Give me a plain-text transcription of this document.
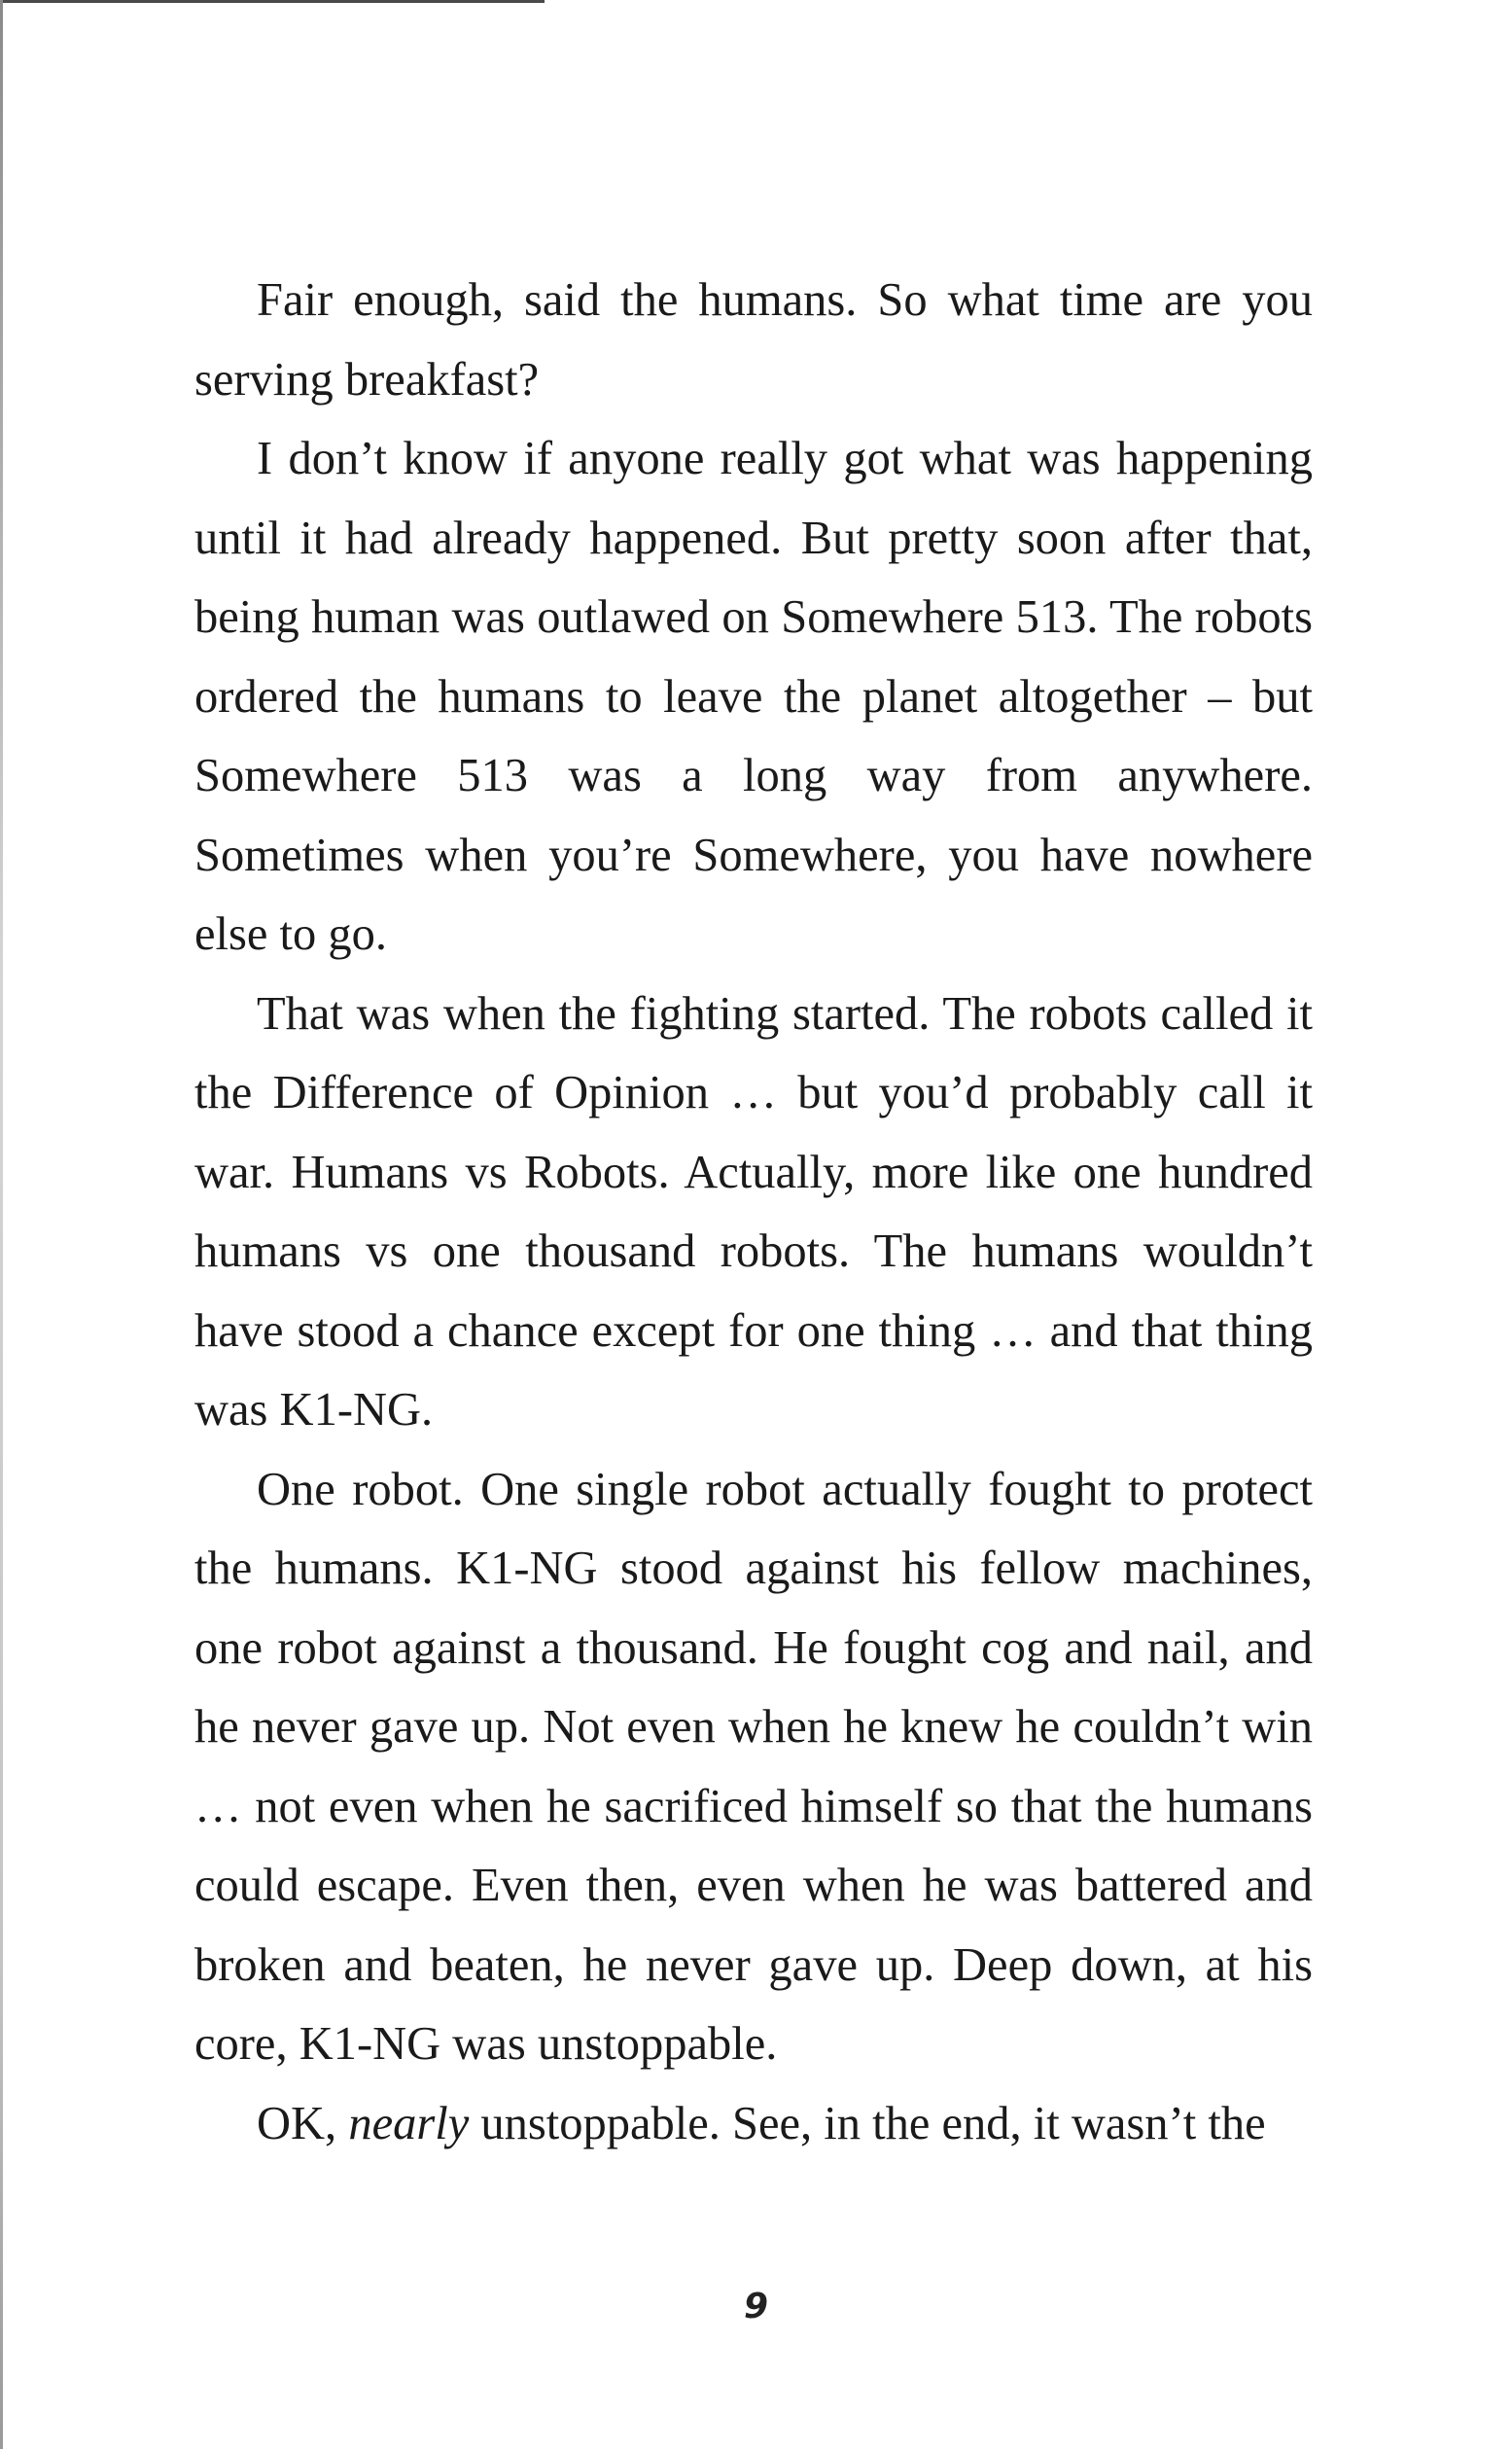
Fair enough, said the humans. So what time are you serving breakfast?

I don’t know if anyone really got what was happening until it had already happened. But pretty soon after that, being human was outlawed on Somewhere 513. The robots ordered the humans to leave the planet altogether – but Somewhere 513 was a long way from anywhere. Sometimes when you’re Somewhere, you have nowhere else to go.

That was when the fighting started. The robots called it the Difference of Opinion … but you’d probably call it war. Humans vs Robots. Actually, more like one hundred humans vs one thousand robots. The humans wouldn’t have stood a chance except for one thing … and that thing was K1-NG.

One robot. One single robot actually fought to protect the humans. K1-NG stood against his fellow machines, one robot against a thousand. He fought cog and nail, and he never gave up. Not even when he knew he couldn’t win … not even when he sacrificed himself so that the humans could escape. Even then, even when he was battered and broken and beaten, he never gave up. Deep down, at his core, K1-NG was unstoppable.

OK, nearly unstoppable. See, in the end, it wasn’t the

9
